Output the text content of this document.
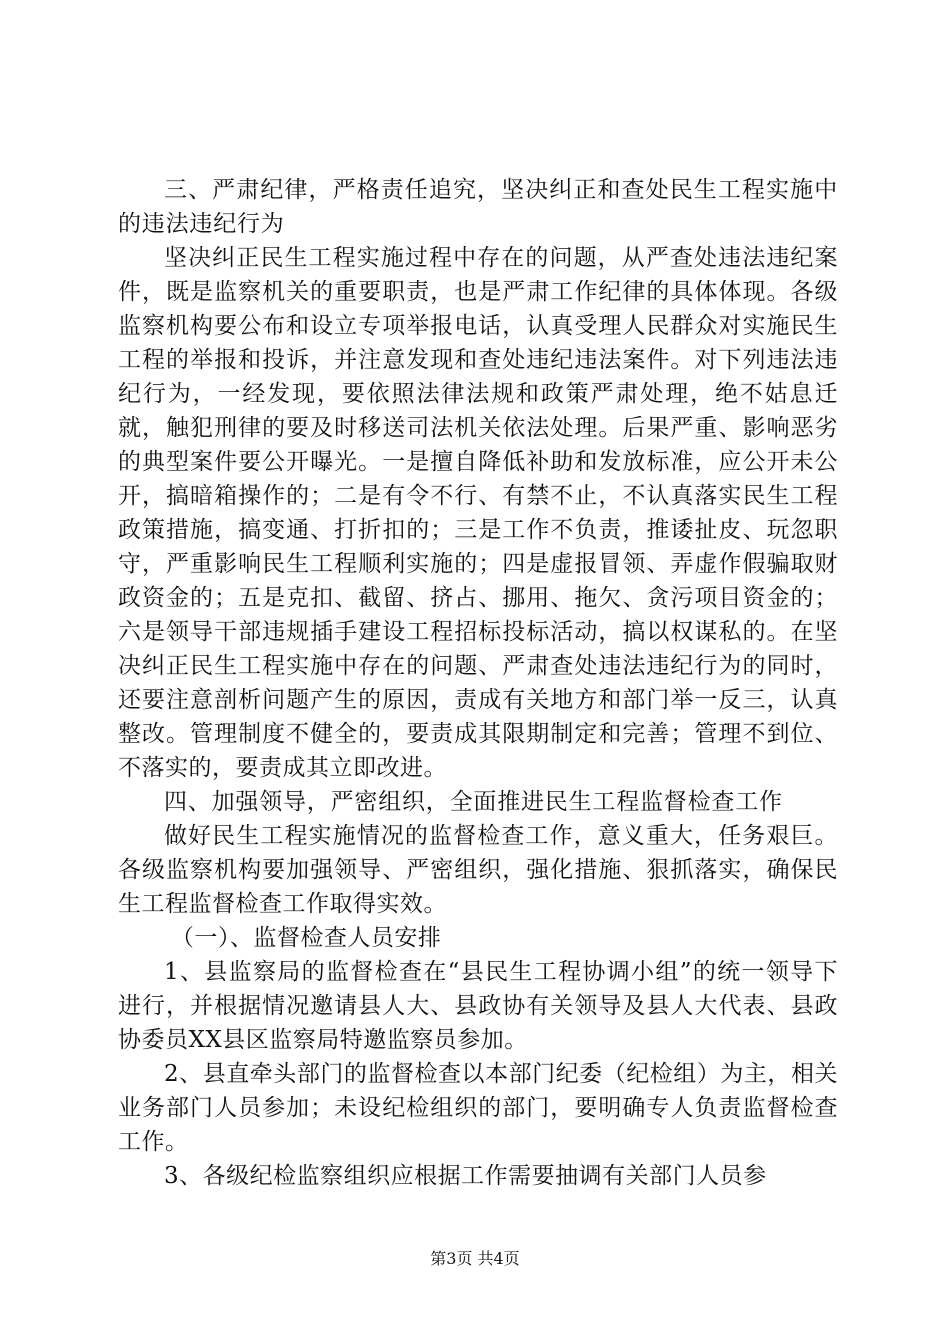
三、严肃纪律，严格责任追究，坚决纠正和查处民生工程实施中的违法违纪行为

坚决纠正民生工程实施过程中存在的问题，从严查处违法违纪案件，既是监察机关的重要职责，也是严肃工作纪律的具体体现。各级监察机构要公布和设立专项举报电话，认真受理人民群众对实施民生工程的举报和投诉，并注意发现和查处违纪违法案件。对下列违法违纪行为，一经发现，要依照法律法规和政策严肃处理，绝不姑息迁就，触犯刑律的要及时移送司法机关依法处理。后果严重、影响恶劣的典型案件要公开曝光。一是擅自降低补助和发放标准，应公开未公开，搞暗箱操作的；二是有令不行、有禁不止，不认真落实民生工程政策措施，搞变通、打折扣的；三是工作不负责，推诿扯皮、玩忽职守，严重影响民生工程顺利实施的；四是虚报冒领、弄虚作假骗取财政资金的；五是克扣、截留、挤占、挪用、拖欠、贪污项目资金的；六是领导干部违规插手建设工程招标投标活动，搞以权谋私的。在坚决纠正民生工程实施中存在的问题、严肃查处违法违纪行为的同时，还要注意剖析问题产生的原因，责成有关地方和部门举一反三，认真整改。管理制度不健全的，要责成其限期制定和完善；管理不到位、不落实的，要责成其立即改进。

四、加强领导，严密组织，全面推进民生工程监督检查工作

做好民生工程实施情况的监督检查工作，意义重大，任务艰巨。各级监察机构要加强领导、严密组织，强化措施、狠抓落实，确保民生工程监督检查工作取得实效。

（一）、监督检查人员安排

1、县监察局的监督检查在“县民生工程协调小组”的统一领导下进行，并根据情况邀请县人大、县政协有关领导及县人大代表、县政协委员XX县区监察局特邀监察员参加。

2、县直牵头部门的监督检查以本部门纪委（纪检组）为主，相关业务部门人员参加；未设纪检组织的部门，要明确专人负责监督检查工作。

3、各级纪检监察组织应根据工作需要抽调有关部门人员参

第3页 共4页
